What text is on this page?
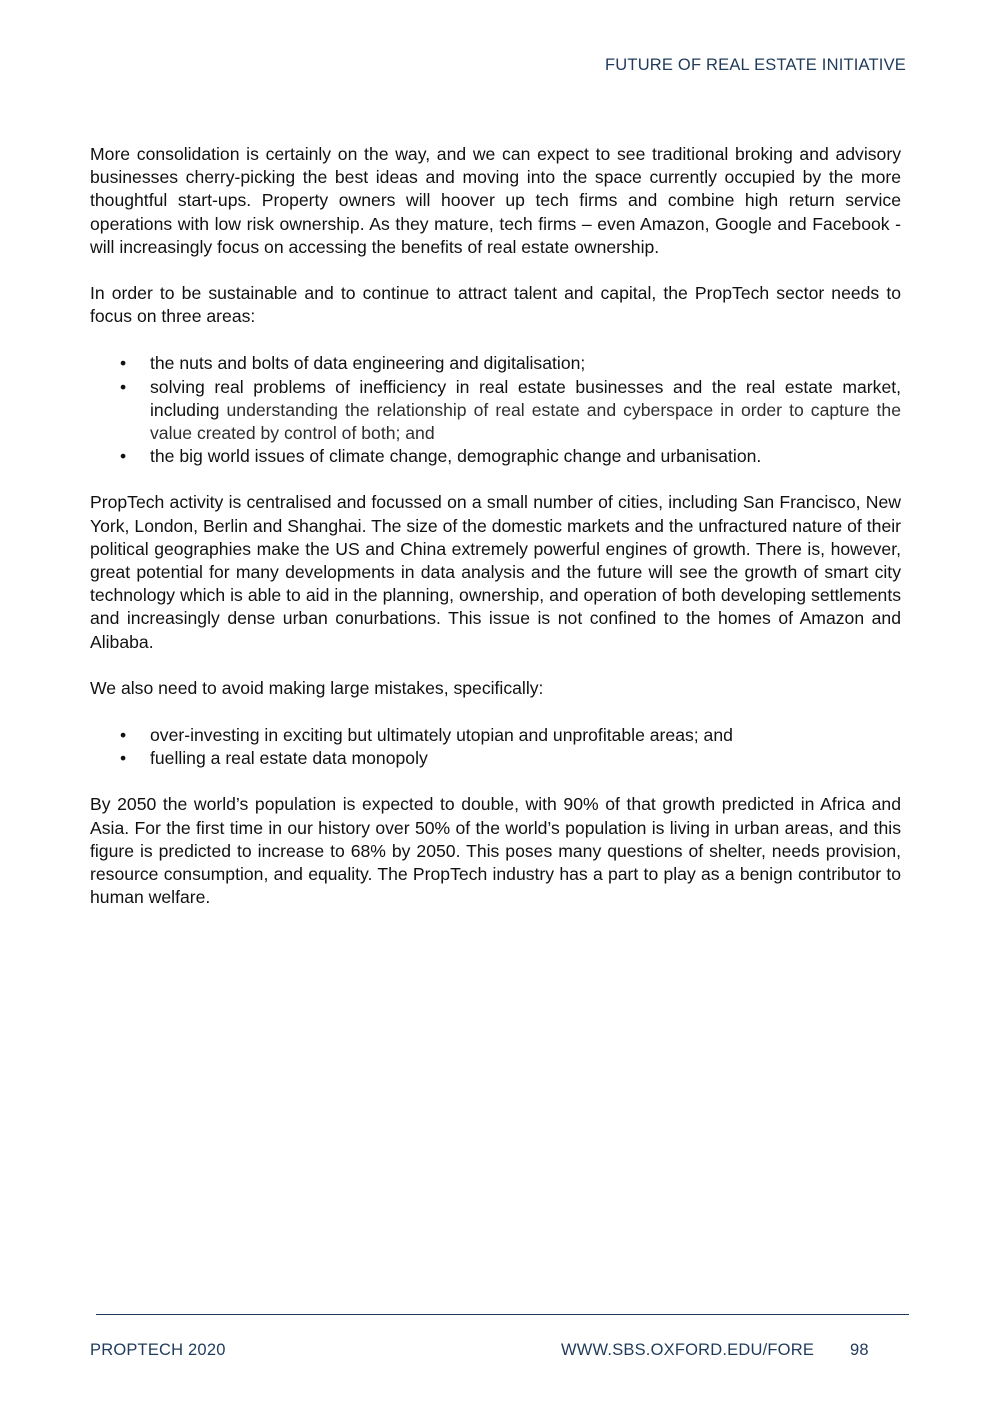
FUTURE OF REAL ESTATE INITIATIVE

More consolidation is certainly on the way, and we can expect to see traditional broking and advisory businesses cherry-picking the best ideas and moving into the space currently occupied by the more thoughtful start-ups. Property owners will hoover up tech firms and combine high return service operations with low risk ownership. As they mature, tech firms – even Amazon, Google and Facebook - will increasingly focus on accessing the benefits of real estate ownership.

In order to be sustainable and to continue to attract talent and capital, the PropTech sector needs to focus on three areas:

• the nuts and bolts of data engineering and digitalisation;
• solving real problems of inefficiency in real estate businesses and the real estate market, including understanding the relationship of real estate and cyberspace in order to capture the value created by control of both; and
• the big world issues of climate change, demographic change and urbanisation.

PropTech activity is centralised and focussed on a small number of cities, including San Francisco, New York, London, Berlin and Shanghai. The size of the domestic markets and the unfractured nature of their political geographies make the US and China extremely powerful engines of growth. There is, however, great potential for many developments in data analysis and the future will see the growth of smart city technology which is able to aid in the planning, ownership, and operation of both developing settlements and increasingly dense urban conurbations. This issue is not confined to the homes of Amazon and Alibaba.

We also need to avoid making large mistakes, specifically:

• over-investing in exciting but ultimately utopian and unprofitable areas; and
• fuelling a real estate data monopoly

By 2050 the world’s population is expected to double, with 90% of that growth predicted in Africa and Asia. For the first time in our history over 50% of the world’s population is living in urban areas, and this figure is predicted to increase to 68% by 2050. This poses many questions of shelter, needs provision, resource consumption, and equality. The PropTech industry has a part to play as a benign contributor to human welfare.

PROPTECH 2020	WWW.SBS.OXFORD.EDU/FORE 98
